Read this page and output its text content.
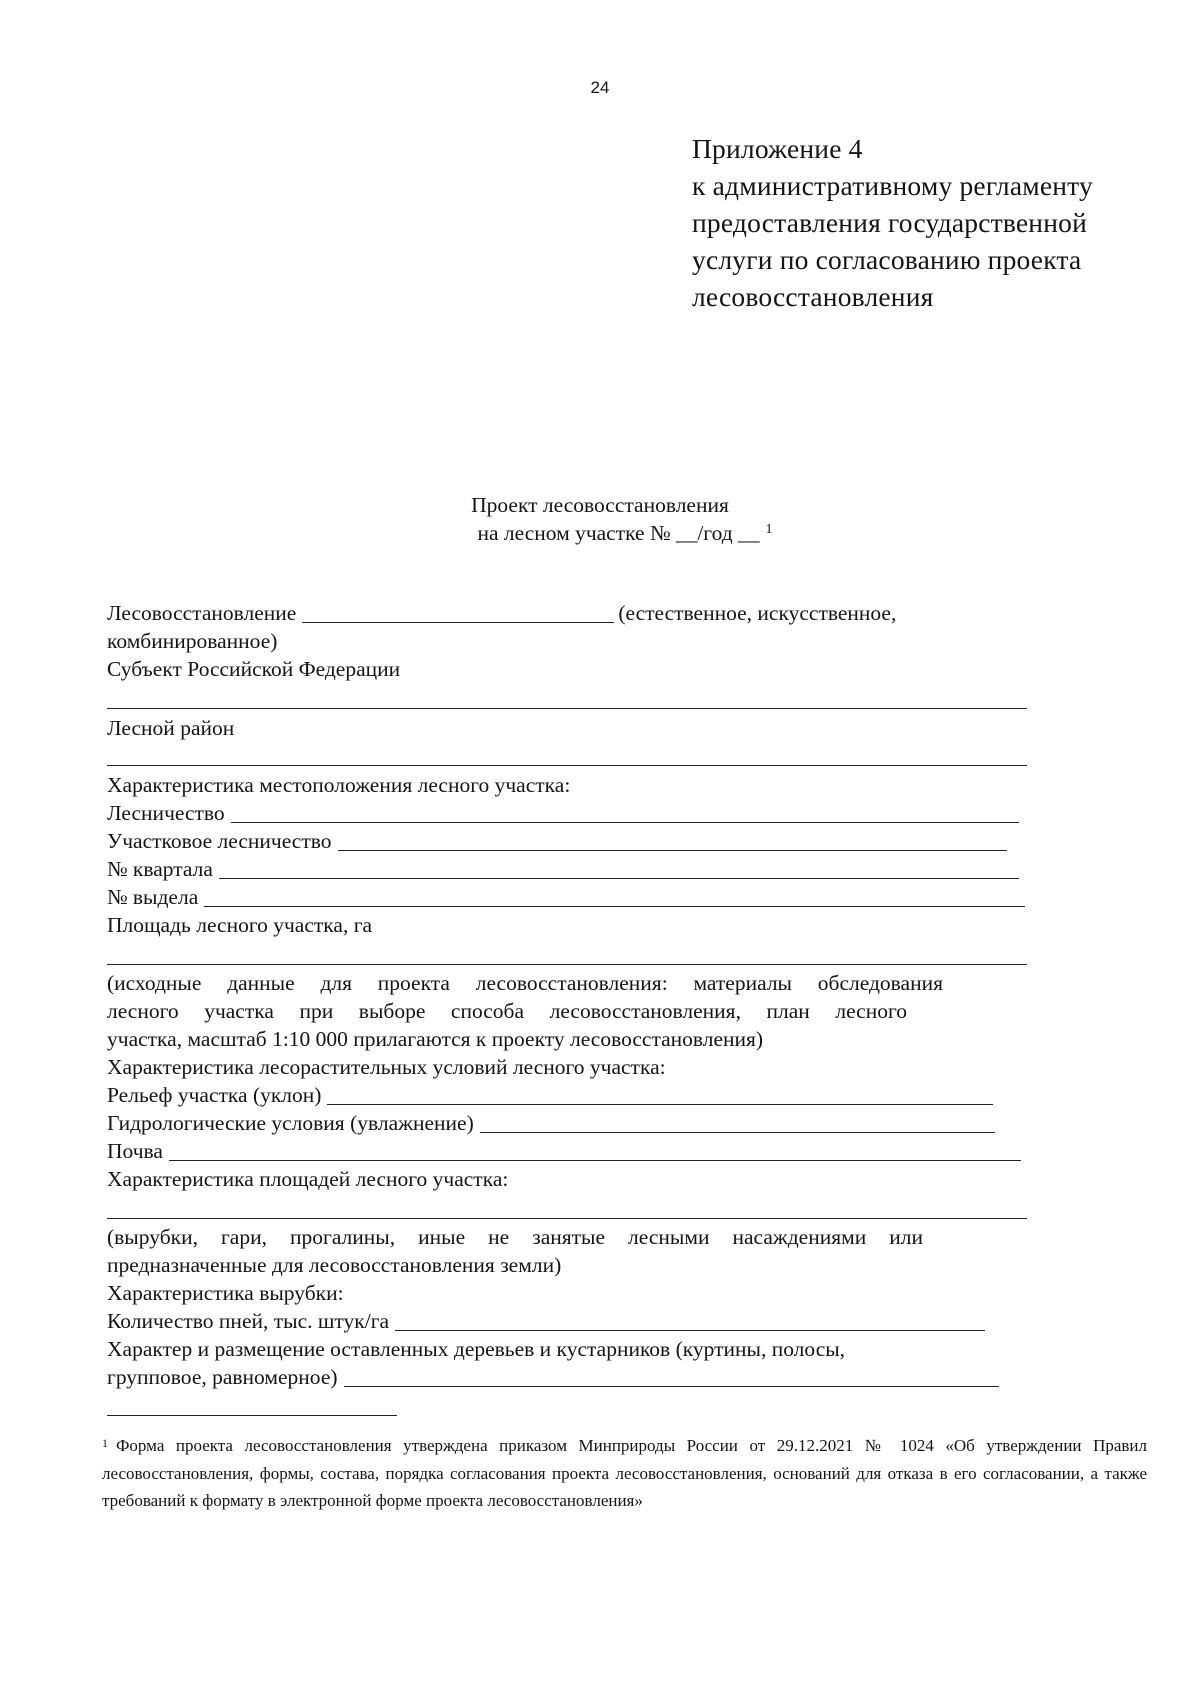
24
Приложение 4
к административному регламенту
предоставления государственной
услуги по согласованию проекта
лесовосстановления
Проект лесовосстановления
на лесном участке № __/год __ $^1$
Лесовосстановление	(естественное, искусственное,
комбинированное)
Субъект Российской Федерации
Лесной район
Характеристика местоположения лесного участка:
Лесничество
Участковое лесничество
№ квартала
№ выдела
Площадь лесного участка, га
(исходные данные для проекта лесовосстановления: материалы обследования
лесного участка при выборе способа лесовосстановления, план лесного
участка, масштаб 1:10 000 прилагаются к проекту лесовосстановления)
Характеристика лесорастительных условий лесного участка:
Рельеф участка (уклон)
Гидрологические условия (увлажнение)
Почва
Характеристика площадей лесного участка:
(вырубки, гари, прогалины, иные не занятые лесными насаждениями или
предназначенные для лесовосстановления земли)
Характеристика вырубки:
Количество пней, тыс. штук/га
Характер и размещение оставленных деревьев и кустарников (куртины, полосы,
групповое, равномерное)
$^1$ Форма проекта лесовосстановления утверждена приказом Минприроды России от 29.12.2021 № 1024 «Об утверждении Правил лесовосстановления, формы, состава, порядка согласования проекта лесовосстановления, оснований для отказа в его согласовании, а также требований к формату в электронной форме проекта лесовосстановления»
